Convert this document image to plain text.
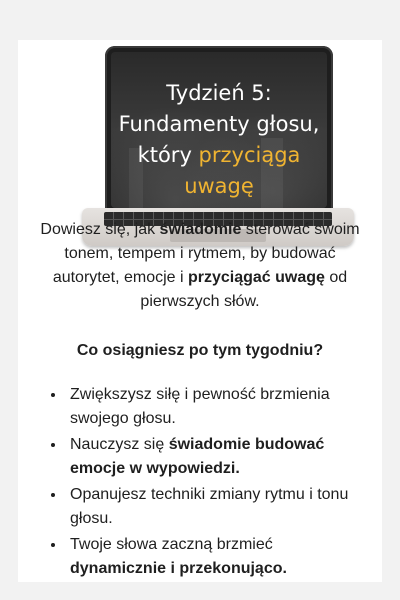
Tydzień 5:
Fundamenty głosu,
który przyciąga uwagę
Dowiesz się, jak świadomie sterować swoim tonem, tempem i rytmem, by budować autorytet, emocje i przyciągać uwagę od pierwszych słów.
Co osiągniesz po tym tygodniu?
• Zwiększysz siłę i pewność brzmienia swojego głosu.
• Nauczysz się świadomie budować emocje w wypowiedzi.
• Opanujesz techniki zmiany rytmu i tonu głosu.
• Twoje słowa zaczną brzmieć dynamicznie i przekonująco.
